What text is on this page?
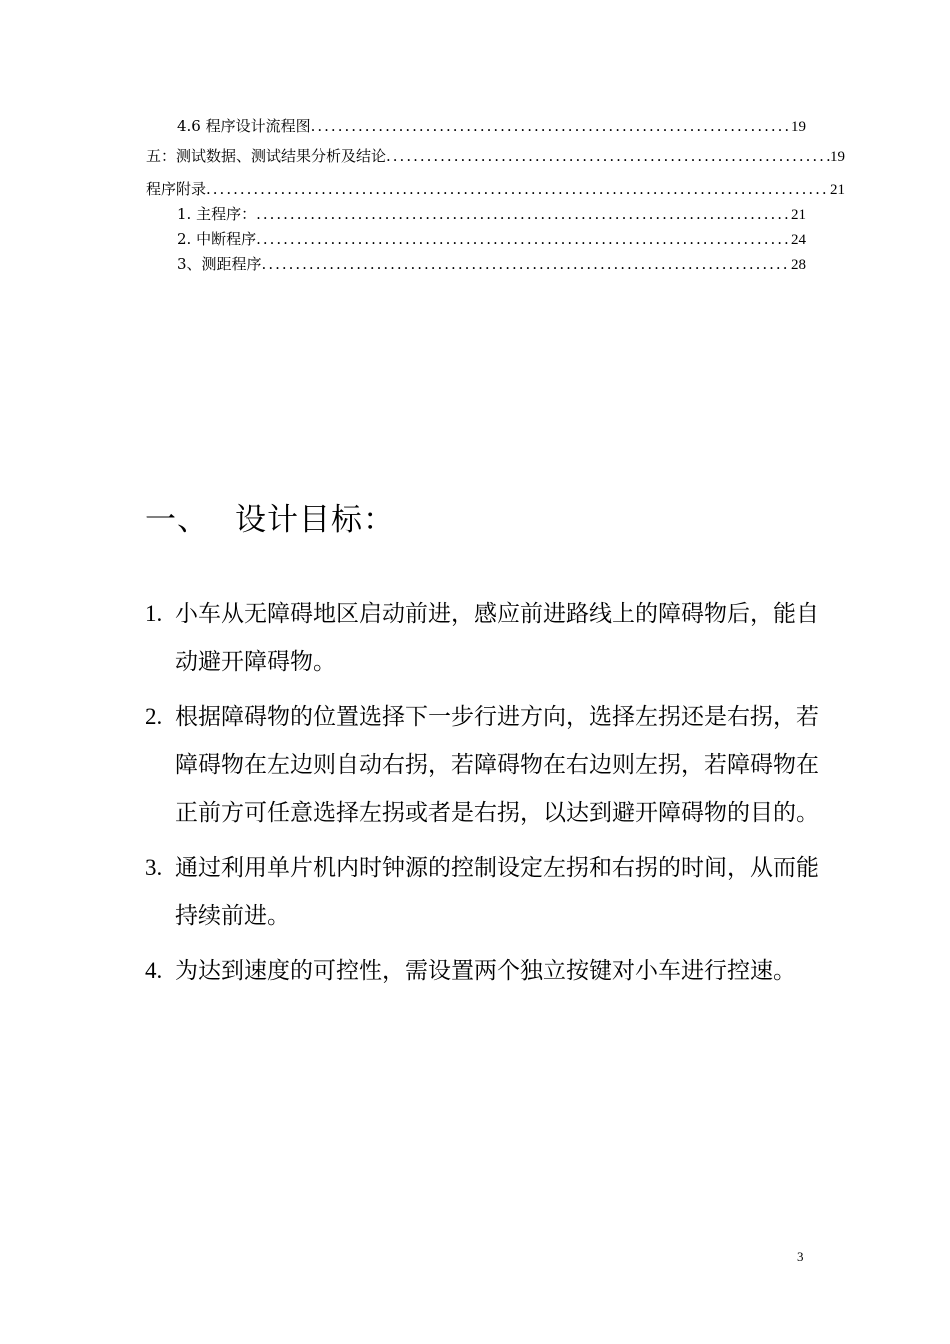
4.6 程序设计流程图 .....	19
五：测试数据、测试结果分析及结论 .....	19
程序附录 .....	21
1. 主程序： .....	21
2. 中断程序 .....	24
3、测距程序 .....	28
一、 设计目标：
1. 小车从无障碍地区启动前进，感应前进路线上的障碍物后，能自动避开障碍物。
2. 根据障碍物的位置选择下一步行进方向，选择左拐还是右拐，若障碍物在左边则自动右拐，若障碍物在右边则左拐，若障碍物在正前方可任意选择左拐或者是右拐，以达到避开障碍物的目的。
3. 通过利用单片机内时钟源的控制设定左拐和右拐的时间，从而能持续前进。
4. 为达到速度的可控性，需设置两个独立按键对小车进行控速。
3
